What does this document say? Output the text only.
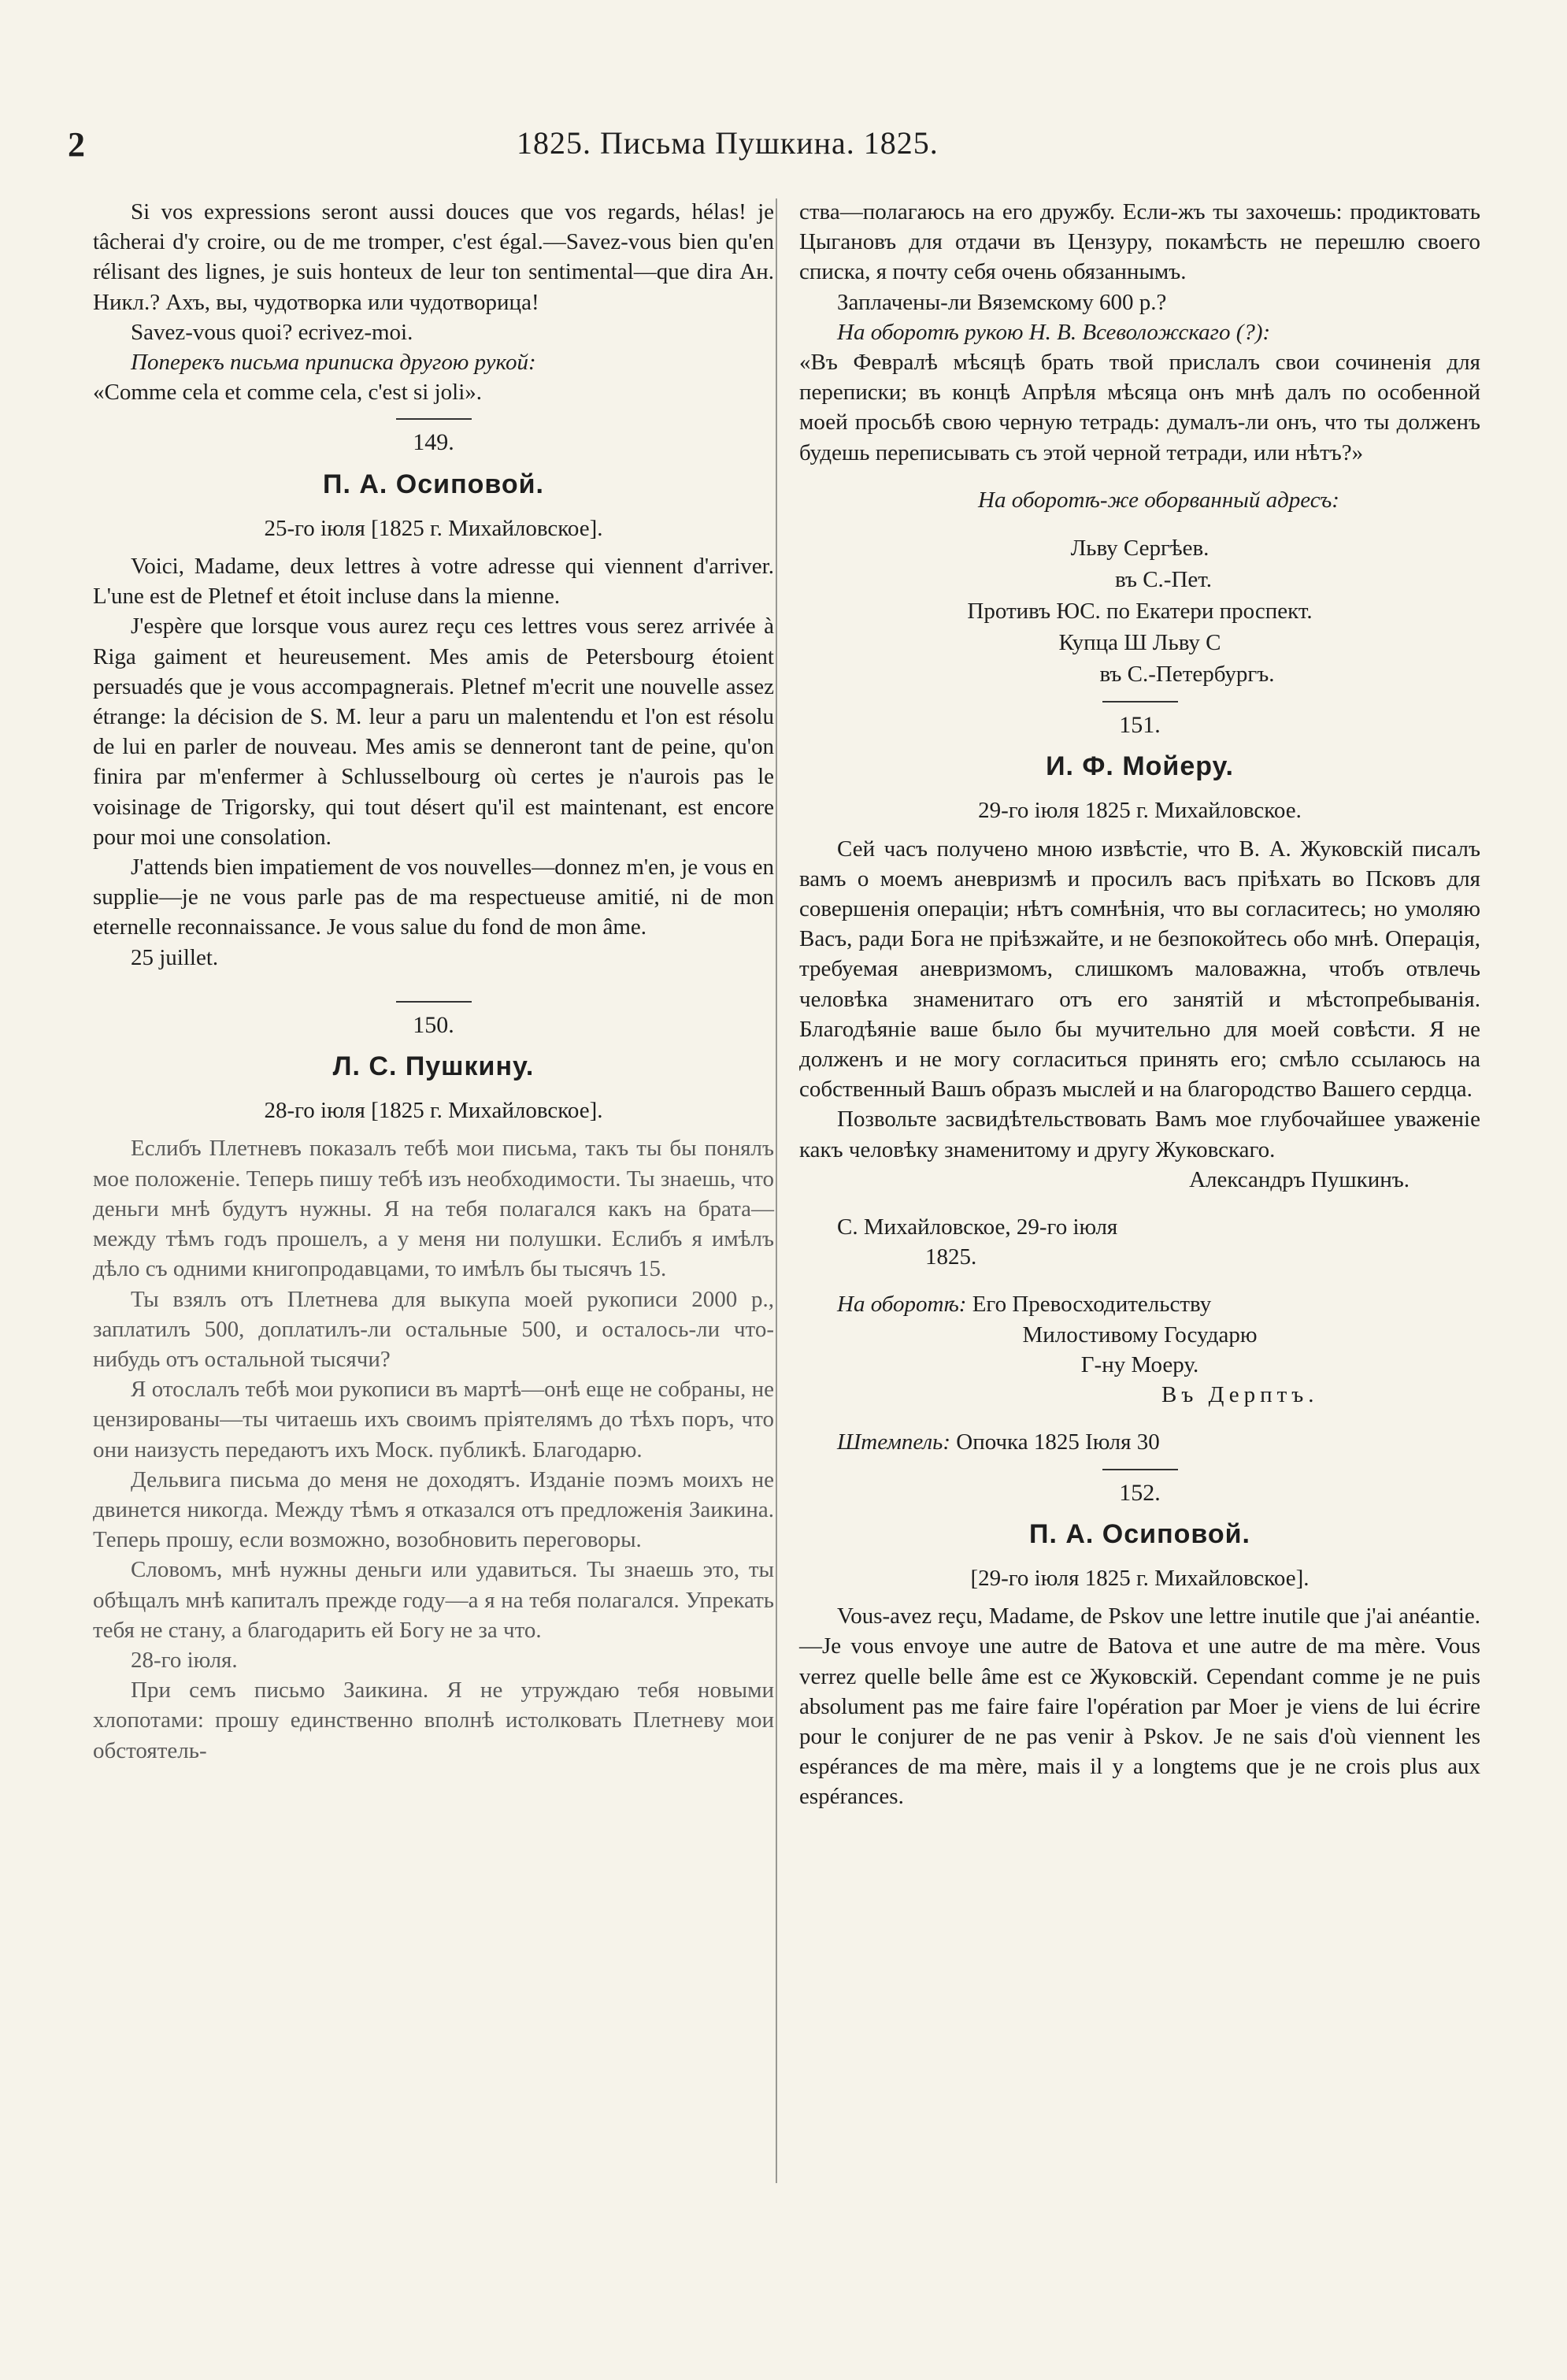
2	1825. Письма Пушкина. 1825.

Si vos expressions seront aussi douces que vos regards, hélas! je tâcherai d'y croire, ou de me tromper, c'est égal.—Savez-vous bien qu'en rélisant des lignes, je suis honteux de leur ton sentimental—que dira Ан. Никл.? Ахъ, вы, чудотворка или чудотворица!

Savez-vous quoi? ecrivez-moi.

Поперекъ письма приписка другою рукой:

«Comme cela et comme cela, c'est si joli».

149.
П. А. Осиповой.
25-го іюля [1825 г. Михайловское].

Voici, Madame, deux lettres à votre adresse qui viennent d'arriver. L'une est de Pletnef et étoit incluse dans la mienne.

J'espère que lorsque vous aurez reçu ces lettres vous serez arrivée à Riga gaiment et heureusement. Mes amis de Petersbourg étoient persuadés que je vous accompagnerais. Pletnef m'ecrit une nouvelle assez étrange: la décision de S. M. leur a paru un malentendu et l'on est résolu de lui en parler de nouveau. Mes amis se denneront tant de peine, qu'on finira par m'enfermer à Schlusselbourg où certes je n'aurois pas le voisinage de Trigorsky, qui tout désert qu'il est maintenant, est encore pour moi une consolation.

J'attends bien impatiement de vos nouvelles—donnez m'en, je vous en supplie—je ne vous parle pas de ma respectueuse amitié, ni de mon eternelle reconnaissance. Je vous salue du fond de mon âme.

25 juillet.

150.
Л. С. Пушкину.
28-го іюля [1825 г. Михайловское].

Еслибъ Плетневъ показалъ тебѣ мои письма, такъ ты бы понялъ мое положеніе. Теперь пишу тебѣ изъ необходимости. Ты знаешь, что деньги мнѣ будутъ нужны. Я на тебя полагался какъ на брата—между тѣмъ годъ прошелъ, а у меня ни полушки. Еслибъ я имѣлъ дѣло съ одними книгопродавцами, то имѣлъ бы тысячъ 15.

Ты взялъ отъ Плетнева для выкупа моей рукописи 2000 р., заплатилъ 500, доплатилъ-ли остальные 500, и осталось-ли что-нибудь отъ остальной тысячи?

Я отослалъ тебѣ мои рукописи въ мартѣ—онѣ еще не собраны, не цензированы—ты читаешь ихъ своимъ пріятелямъ до тѣхъ поръ, что они наизусть передаютъ ихъ Моск. публикѣ. Благодарю.

Дельвига письма до меня не доходятъ. Изданіе поэмъ моихъ не двинется никогда. Между тѣмъ я отказался отъ предложенія Заикина. Теперь прошу, если возможно, возобновить переговоры.

Словомъ, мнѣ нужны деньги или удавиться. Ты знаешь это, ты обѣщалъ мнѣ капиталъ прежде году—а я на тебя полагался. Упрекать тебя не стану, а благодарить ей Богу не за что.

28-го іюля.

При семъ письмо Заикина. Я не утруждаю тебя новыми хлопотами: прошу единственно вполнѣ истолковать Плетневу мои обстоятель-

ства—полагаюсь на его дружбу. Если-жъ ты захочешь: продиктовать Цыгановъ для отдачи въ Цензуру, покамѣсть не перешлю своего списка, я почту себя очень обязаннымъ.

Заплачены-ли Вяземскому 600 р.?

На оборотѣ рукою Н. В. Всеволожскаго (?):

«Въ Февралѣ мѣсяцѣ брать твой прислалъ свои сочиненія для переписки; въ концѣ Апрѣля мѣсяца онъ мнѣ далъ по особенной моей просьбѣ свою черную тетрадь: думалъ-ли онъ, что ты долженъ будешь переписывать съ этой черной тетради, или нѣтъ?»

На оборотѣ-же оборванный адресъ:

Льву Сергѣев.
въ С.-Пет.
Противъ ЮС. по Екатери проспект.
Купца Ш Льву С
въ С.-Петербургъ.
151.
И. Ф. Мойеру.
29-го іюля 1825 г. Михайловское.

Сей часъ получено мною извѣстіе, что В. А. Жуковскій писалъ вамъ о моемъ аневризмѣ и просилъ васъ пріѣхать во Псковъ для совершенія операціи; нѣтъ сомнѣнія, что вы согласитесь; но умоляю Васъ, ради Бога не пріѣзжайте, и не безпокойтесь обо мнѣ. Операція, требуемая аневризмомъ, слишкомъ маловажна, чтобъ отвлечь человѣка знаменитаго отъ его занятій и мѣстопребыванія. Благодѣяніе ваше было бы мучительно для моей совѣсти. Я не долженъ и не могу согласиться принять его; смѣло ссылаюсь на собственный Вашъ образъ мыслей и на благородство Вашего сердца.

Позвольте засвидѣтельствовать Вамъ мое глубочайшее уваженіе какъ человѣку знаменитому и другу Жуковскаго.

Александръ Пушкинъ.

С. Михайловское, 29-го іюля

1825.

На оборотѣ: Его Превосходительству

Милостивому Государю

Г-ну Моеру.

Въ Дерптъ.

Штемпель: Опочка 1825 Іюля 30

152.
П. А. Осиповой.
[29-го іюля 1825 г. Михайловское].

Vous-avez reçu, Madame, de Pskov une lettre inutile que j'ai anéantie.—Je vous envoye une autre de Batova et une autre de ma mère. Vous verrez quelle belle âme est ce Жуковскій. Cependant comme je ne puis absolument pas me faire faire l'opération par Moer je viens de lui écrire pour le conjurer de ne pas venir à Pskov. Je ne sais d'où viennent les espérances de ma mère, mais il y a longtems que je ne crois plus aux espérances.
